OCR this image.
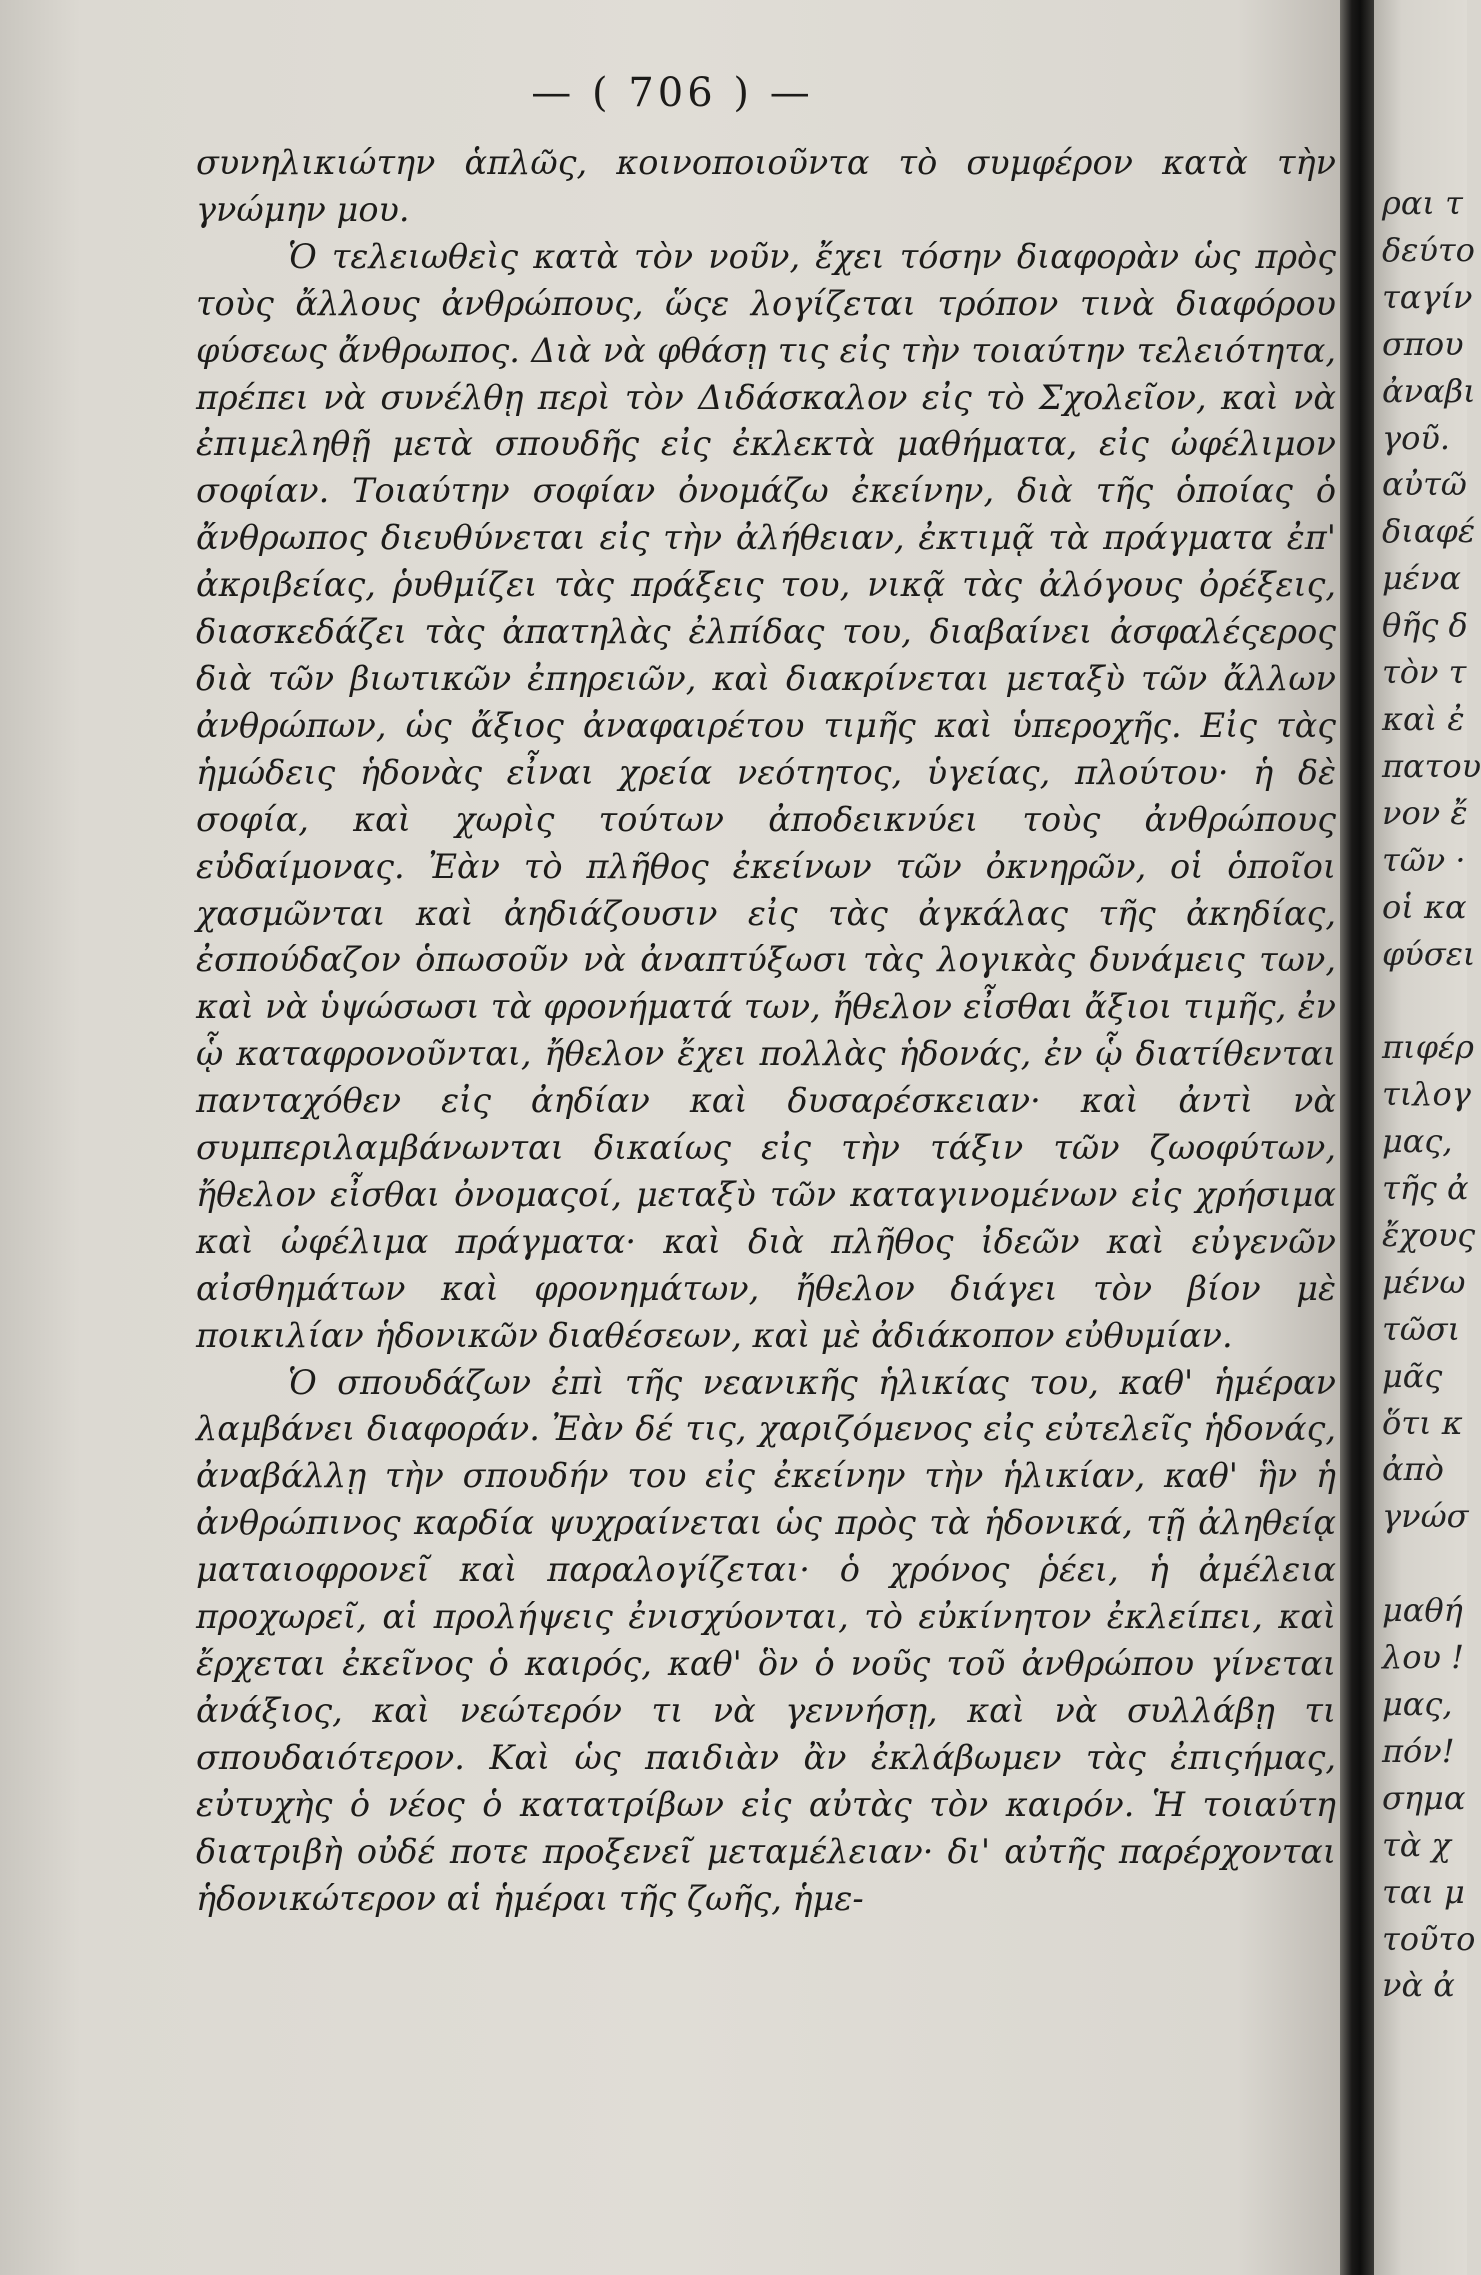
— ( 706 ) —

συνηλικιώτην ἁπλῶς, κοινοποιοῦντα τὸ συμφέρον κατὰ τὴν γνώμην μου.

Ὁ τελειωθεὶς κατὰ τὸν νοῦν, ἔχει τόσην διαφορὰν ὡς πρὸς τοὺς ἄλλους ἀνθρώπους, ὥςε λογίζεται τρόπον τινὰ διαφόρου φύσεως ἄνθρωπος. Διὰ νὰ φθάσῃ τις εἰς τὴν τοιαύτην τελειότητα, πρέπει νὰ συνέλθῃ περὶ τὸν Διδάσκαλον εἰς τὸ Σχολεῖον, καὶ νὰ ἐπιμεληθῇ μετὰ σπουδῆς εἰς ἐκλεκτὰ μαθήματα, εἰς ὠφέλιμον σοφίαν. Τοιαύτην σοφίαν ὀνομάζω ἐκείνην, διὰ τῆς ὁποίας ὁ ἄνθρωπος διευθύνεται εἰς τὴν ἀλήθειαν, ἐκτιμᾷ τὰ πράγματα ἐπ' ἀκριβείας, ῥυθμίζει τὰς πράξεις του, νικᾷ τὰς ἀλόγους ὀρέξεις, διασκεδάζει τὰς ἀπατηλὰς ἐλπίδας του, διαβαίνει ἀσφαλέςερος διὰ τῶν βιωτικῶν ἐπηρειῶν, καὶ διακρίνεται μεταξὺ τῶν ἄλλων ἀνθρώπων, ὡς ἄξιος ἀναφαιρέτου τιμῆς καὶ ὑπεροχῆς. Εἰς τὰς ἡμώδεις ἡδονὰς εἶναι χρεία νεότητος, ὑγείας, πλούτου· ἡ δὲ σοφία, καὶ χωρὶς τούτων ἀποδεικνύει τοὺς ἀνθρώπους εὐδαίμονας. Ἐὰν τὸ πλῆθος ἐκείνων τῶν ὀκνηρῶν, οἱ ὁποῖοι χασμῶνται καὶ ἀηδιάζουσιν εἰς τὰς ἀγκάλας τῆς ἀκηδίας, ἐσπούδαζον ὁπωσοῦν νὰ ἀναπτύξωσι τὰς λογικὰς δυνάμεις των, καὶ νὰ ὑψώσωσι τὰ φρονήματά των, ἤθελον εἶσθαι ἄξιοι τιμῆς, ἐν ᾧ καταφρονοῦνται, ἤθελον ἔχει πολλὰς ἡδονάς, ἐν ᾧ διατίθενται πανταχόθεν εἰς ἀηδίαν καὶ δυσαρέσκειαν· καὶ ἀντὶ νὰ συμπεριλαμβάνωνται δικαίως εἰς τὴν τάξιν τῶν ζωοφύτων, ἤθελον εἶσθαι ὀνομαςοί, μεταξὺ τῶν καταγινομένων εἰς χρήσιμα καὶ ὠφέλιμα πράγματα· καὶ διὰ πλῆθος ἰδεῶν καὶ εὐγενῶν αἰσθημάτων καὶ φρονημάτων, ἤθελον διάγει τὸν βίον μὲ ποικιλίαν ἡδονικῶν διαθέσεων, καὶ μὲ ἀδιάκοπον εὐθυμίαν.

Ὁ σπουδάζων ἐπὶ τῆς νεανικῆς ἡλικίας του, καθ' ἡμέραν λαμβάνει διαφοράν. Ἐὰν δέ τις, χαριζόμενος εἰς εὐτελεῖς ἡδονάς, ἀναβάλλῃ τὴν σπουδήν του εἰς ἐκείνην τὴν ἡλικίαν, καθ' ἣν ἡ ἀνθρώπινος καρδία ψυχραίνεται ὡς πρὸς τὰ ἡδονικά, τῇ ἀληθείᾳ ματαιοφρονεῖ καὶ παραλογίζεται· ὁ χρόνος ῥέει, ἡ ἀμέλεια προχωρεῖ, αἱ προλήψεις ἐνισχύονται, τὸ εὐκίνητον ἐκλείπει, καὶ ἔρχεται ἐκεῖνος ὁ καιρός, καθ' ὃν ὁ νοῦς τοῦ ἀνθρώπου γίνεται ἀνάξιος, καὶ νεώτερόν τι νὰ γεννήσῃ, καὶ νὰ συλλάβῃ τι σπουδαιότερον. Καὶ ὡς παιδιὰν ἂν ἐκλάβωμεν τὰς ἐπιςήμας, εὐτυχὴς ὁ νέος ὁ κατατρίβων εἰς αὐτὰς τὸν καιρόν. Ἡ τοιαύτη διατριβὴ οὐδέ ποτε προξενεῖ μεταμέλειαν· δι' αὐτῆς παρέρχονται ἡδονικώτερον αἱ ἡμέραι τῆς ζωῆς, ἡμε-

ραι τ
δεύτο
ταγίν
σπου
ἀναβι
γοῦ.
αὐτῶ
διαφέ
μένα
θῆς δ
τὸν τ
καὶ ἐ
πατου
νον ἔ
τῶν ·
οἱ κα
φύσει

πιφέρ
τιλογ
μας,
τῆς ἀ
ἔχους
μένω
τῶσι
μᾶς
ὅτι κ
ἀπὸ
γνώσ

μαθή
λου !
μας,
πόν!
σημα
τὰ χ
ται μ
τοῦτο
νὰ ἀ
